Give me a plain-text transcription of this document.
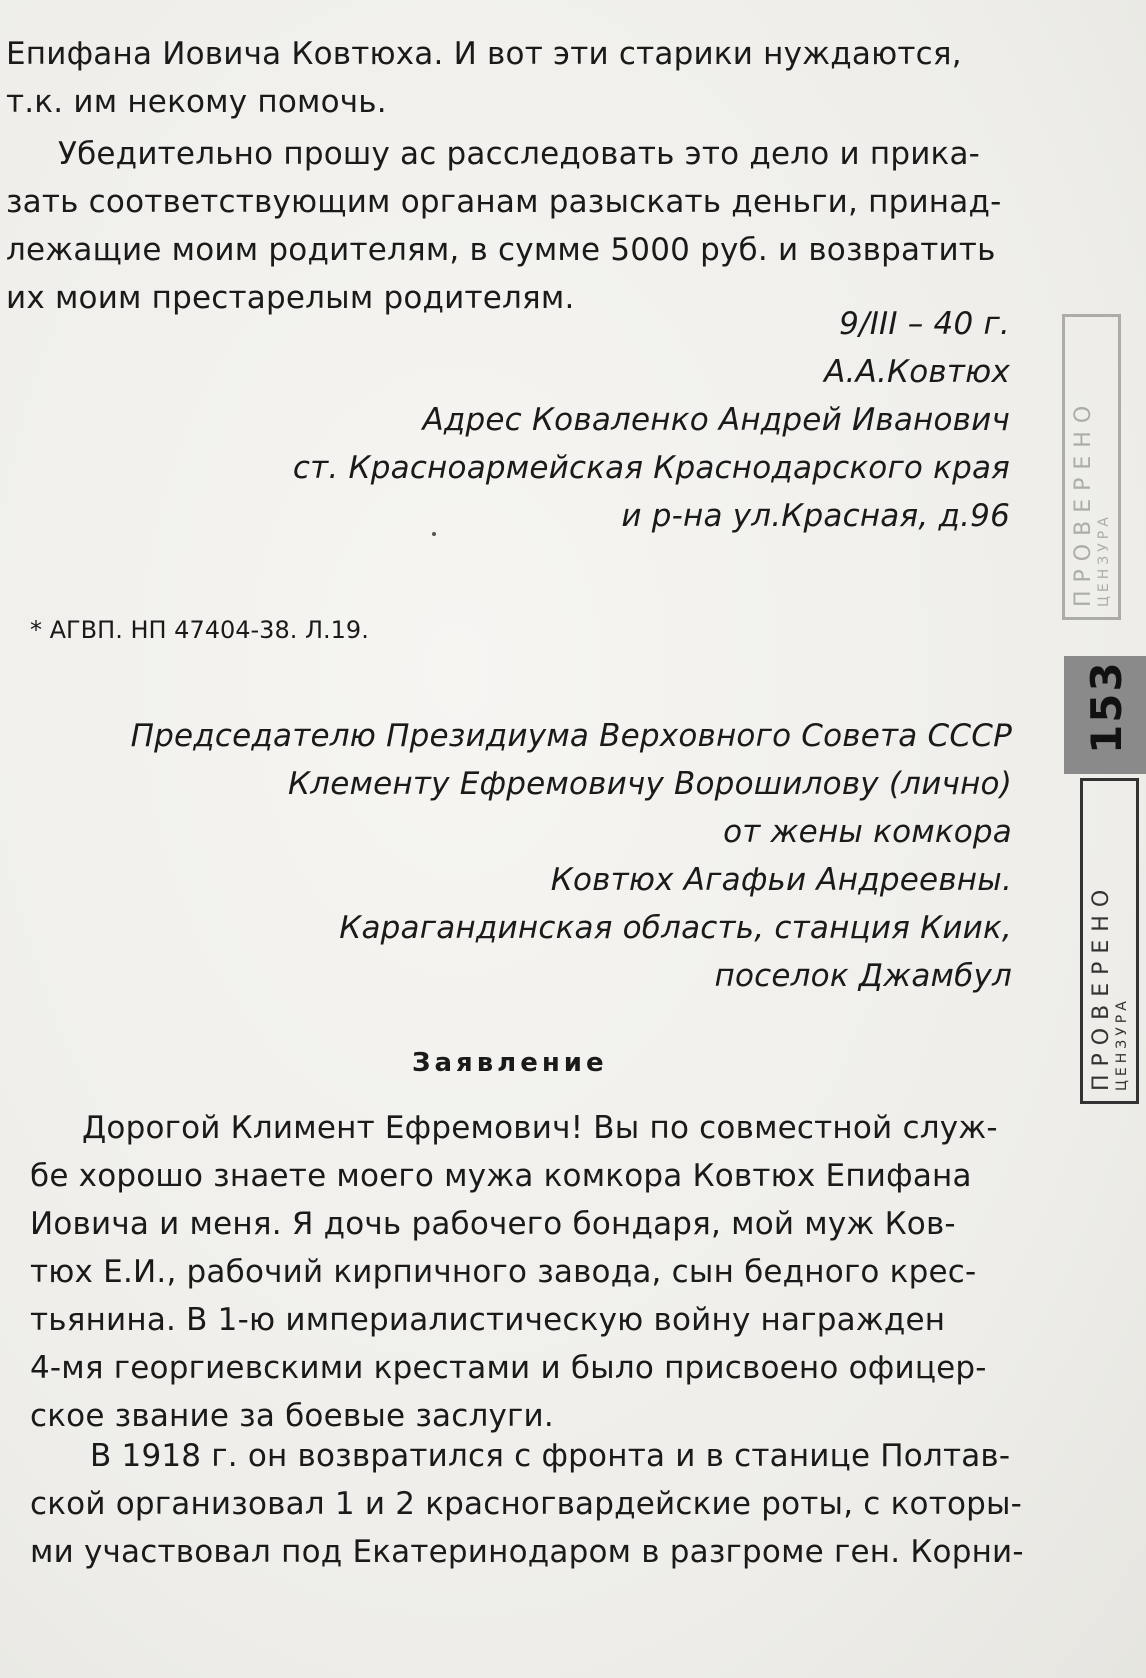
Епифана Иовича Ковтюха. И вот эти старики нуждаются,
т.к. им некому помочь.
Убедительно прошу ас расследовать это дело и прика-
зать соответствующим органам разыскать деньги, принад-
лежащие моим родителям, в сумме 5000 руб. и возвратить
их моим престарелым родителям.
9/III – 40 г.
А.А.Ковтюх
Адрес Коваленко Андрей Иванович
ст. Красноармейская Краснодарского края
и р-на ул.Красная, д.96
* АГВП. НП 47404-38. Л.19.
Председателю Президиума Верховного Совета СССР
Клементу Ефремовичу Ворошилову (лично)
от жены комкора
Ковтюх Агафьи Андреевны.
Карагандинская область, станция Киик,
поселок Джамбул
Заявление
Дорогой Климент Ефремович! Вы по совместной служ-
бе хорошо знаете моего мужа комкора Ковтюх Епифана
Иовича и меня. Я дочь рабочего бондаря, мой муж Ков-
тюх Е.И., рабочий кирпичного завода, сын бедного крес-
тьянина. В 1-ю империалистическую войну награжден
4-мя георгиевскими крестами и было присвоено офицер-
ское звание за боевые заслуги.
В 1918 г. он возвратился с фронта и в станице Полтав-
ской организовал 1 и 2 красногвардейские роты, с которы-
ми участвовал под Екатеринодаром в разгроме ген. Корни-
ПРОВЕРЕНО ЦЕНЗУРА
153
ПРОВЕРЕНО ЦЕНЗУРА
